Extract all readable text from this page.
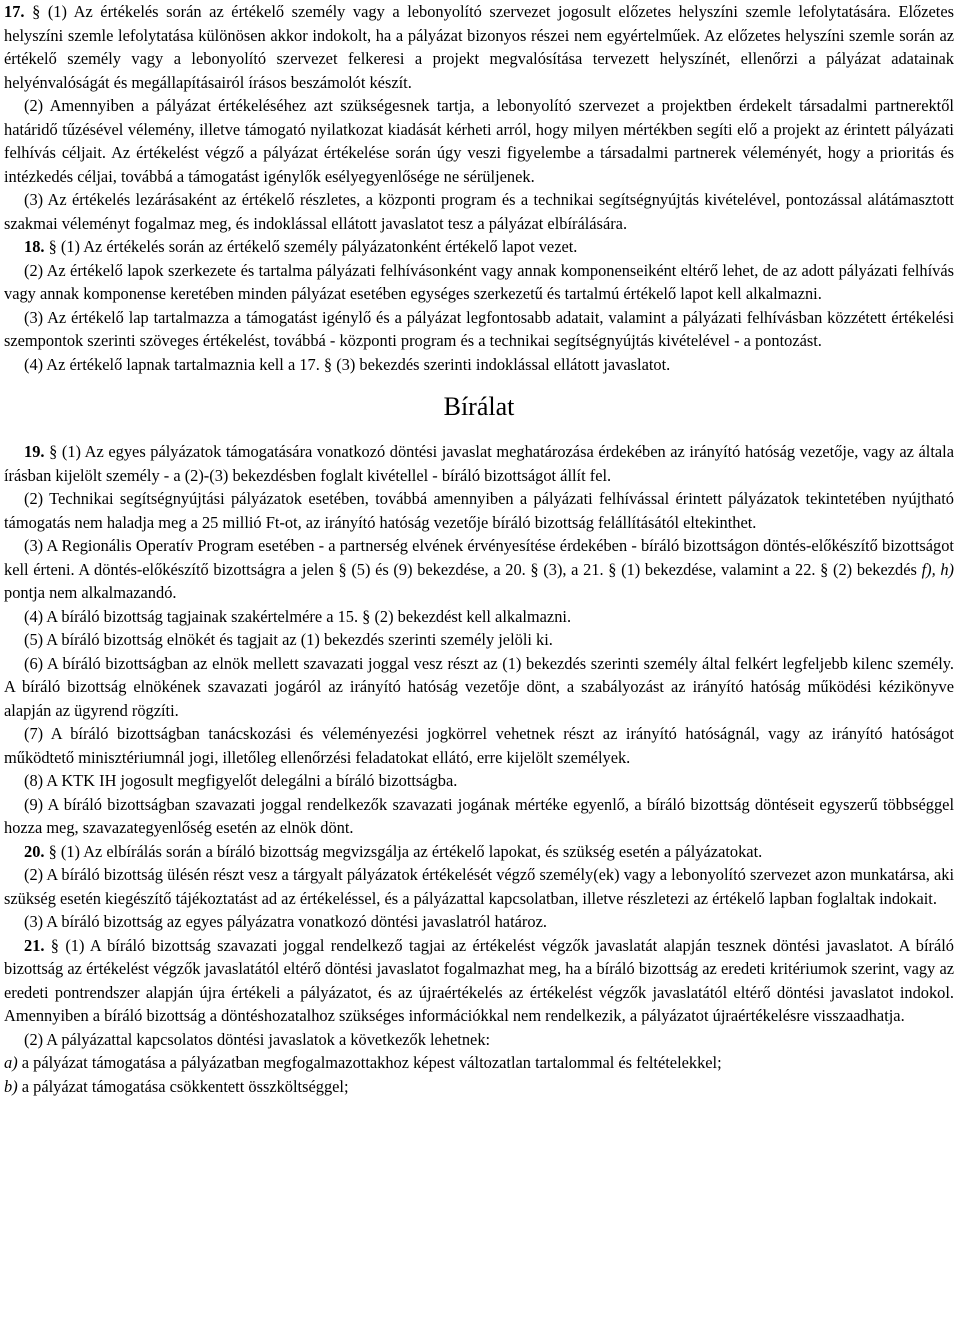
17. § (1) Az értékelés során az értékelő személy vagy a lebonyolító szervezet jogosult előzetes helyszíni szemle lefolytatására. Előzetes helyszíni szemle lefolytatása különösen akkor indokolt, ha a pályázat bizonyos részei nem egyértelműek. Az előzetes helyszíni szemle során az értékelő személy vagy a lebonyolító szervezet felkeresi a projekt megvalósítása tervezett helyszínét, ellenőrzi a pályázat adatainak helyénvalóságát és megállapításairól írásos beszámolót készít.

(2) Amennyiben a pályázat értékeléséhez azt szükségesnek tartja, a lebonyolító szervezet a projektben érdekelt társadalmi partnerektől határidő tűzésével vélemény, illetve támogató nyilatkozat kiadását kérheti arról, hogy milyen mértékben segíti elő a projekt az érintett pályázati felhívás céljait. Az értékelést végző a pályázat értékelése során úgy veszi figyelembe a társadalmi partnerek véleményét, hogy a prioritás és intézkedés céljai, továbbá a támogatást igénylők esélyegyenlősége ne sérüljenek.

(3) Az értékelés lezárásaként az értékelő részletes, a központi program és a technikai segítségnyújtás kivételével, pontozással alátámasztott szakmai véleményt fogalmaz meg, és indoklással ellátott javaslatot tesz a pályázat elbírálására.

18. § (1) Az értékelés során az értékelő személy pályázatonként értékelő lapot vezet.

(2) Az értékelő lapok szerkezete és tartalma pályázati felhívásonként vagy annak komponenseiként eltérő lehet, de az adott pályázati felhívás vagy annak komponense keretében minden pályázat esetében egységes szerkezetű és tartalmú értékelő lapot kell alkalmazni.

(3) Az értékelő lap tartalmazza a támogatást igénylő és a pályázat legfontosabb adatait, valamint a pályázati felhívásban közzétett értékelési szempontok szerinti szöveges értékelést, továbbá - központi program és a technikai segítségnyújtás kivételével - a pontozást.

(4) Az értékelő lapnak tartalmaznia kell a 17. § (3) bekezdés szerinti indoklással ellátott javaslatot.

Bírálat

19. § (1) Az egyes pályázatok támogatására vonatkozó döntési javaslat meghatározása érdekében az irányító hatóság vezetője, vagy az általa írásban kijelölt személy - a (2)-(3) bekezdésben foglalt kivétellel - bíráló bizottságot állít fel.

(2) Technikai segítségnyújtási pályázatok esetében, továbbá amennyiben a pályázati felhívással érintett pályázatok tekintetében nyújtható támogatás nem haladja meg a 25 millió Ft-ot, az irányító hatóság vezetője bíráló bizottság felállításától eltekinthet.

(3) A Regionális Operatív Program esetében - a partnerség elvének érvényesítése érdekében - bíráló bizottságon döntés-előkészítő bizottságot kell érteni. A döntés-előkészítő bizottságra a jelen § (5) és (9) bekezdése, a 20. § (3), a 21. § (1) bekezdése, valamint a 22. § (2) bekezdés f), h) pontja nem alkalmazandó.

(4) A bíráló bizottság tagjainak szakértelmére a 15. § (2) bekezdést kell alkalmazni.

(5) A bíráló bizottság elnökét és tagjait az (1) bekezdés szerinti személy jelöli ki.

(6) A bíráló bizottságban az elnök mellett szavazati joggal vesz részt az (1) bekezdés szerinti személy által felkért legfeljebb kilenc személy. A bíráló bizottság elnökének szavazati jogáról az irányító hatóság vezetője dönt, a szabályozást az irányító hatóság működési kézikönyve alapján az ügyrend rögzíti.

(7) A bíráló bizottságban tanácskozási és véleményezési jogkörrel vehetnek részt az irányító hatóságnál, vagy az irányító hatóságot működtető minisztériumnál jogi, illetőleg ellenőrzési feladatokat ellátó, erre kijelölt személyek.

(8) A KTK IH jogosult megfigyelőt delegálni a bíráló bizottságba.

(9) A bíráló bizottságban szavazati joggal rendelkezők szavazati jogának mértéke egyenlő, a bíráló bizottság döntéseit egyszerű többséggel hozza meg, szavazategyenlőség esetén az elnök dönt.

20. § (1) Az elbírálás során a bíráló bizottság megvizsgálja az értékelő lapokat, és szükség esetén a pályázatokat.

(2) A bíráló bizottság ülésén részt vesz a tárgyalt pályázatok értékelését végző személy(ek) vagy a lebonyolító szervezet azon munkatársa, aki szükség esetén kiegészítő tájékoztatást ad az értékeléssel, és a pályázattal kapcsolatban, illetve részletezi az értékelő lapban foglaltak indokait.

(3) A bíráló bizottság az egyes pályázatra vonatkozó döntési javaslatról határoz.

21. § (1) A bíráló bizottság szavazati joggal rendelkező tagjai az értékelést végzők javaslatát alapján tesznek döntési javaslatot. A bíráló bizottság az értékelést végzők javaslatától eltérő döntési javaslatot fogalmazhat meg, ha a bíráló bizottság az eredeti kritériumok szerint, vagy az eredeti pontrendszer alapján újra értékeli a pályázatot, és az újraértékelés az értékelést végzők javaslatától eltérő döntési javaslatot indokol. Amennyiben a bíráló bizottság a döntéshozatalhoz szükséges információkkal nem rendelkezik, a pályázatot újraértékelésre visszaadhatja.

(2) A pályázattal kapcsolatos döntési javaslatok a következők lehetnek:

a) a pályázat támogatása a pályázatban megfogalmazottakhoz képest változatlan tartalommal és feltételekkel;

b) a pályázat támogatása csökkentett összköltséggel;
